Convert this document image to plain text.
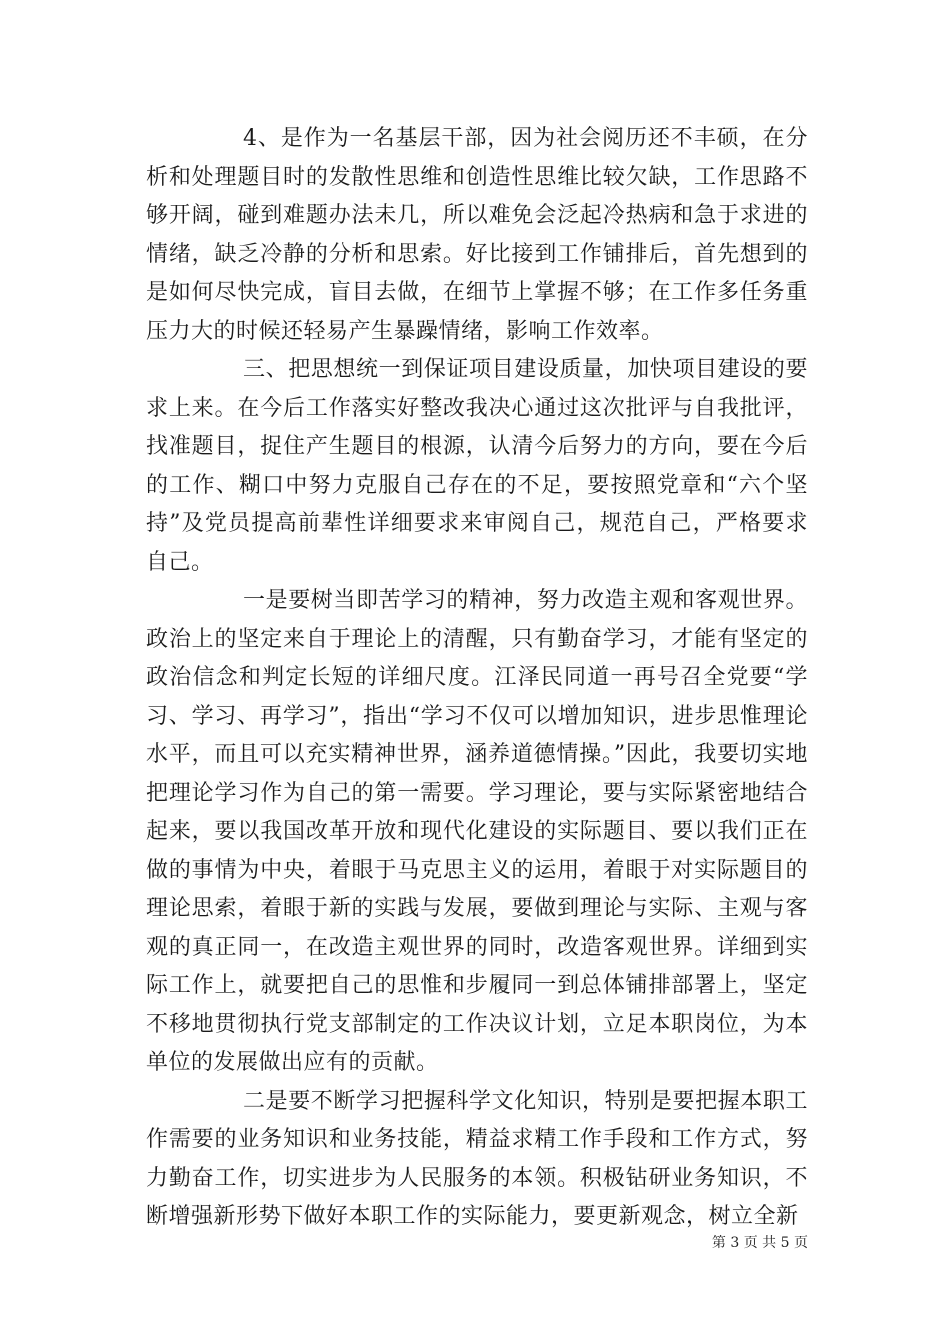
4、是作为一名基层干部，因为社会阅历还不丰硕，在分析和处理题目时的发散性思维和创造性思维比较欠缺，工作思路不够开阔，碰到难题办法未几，所以难免会泛起冷热病和急于求进的情绪，缺乏冷静的分析和思索。好比接到工作铺排后，首先想到的是如何尽快完成，盲目去做，在细节上掌握不够；在工作多任务重压力大的时候还轻易产生暴躁情绪，影响工作效率。

三、把思想统一到保证项目建设质量，加快项目建设的要求上来。在今后工作落实好整改我决心通过这次批评与自我批评，找准题目，捉住产生题目的根源，认清今后努力的方向，要在今后的工作、糊口中努力克服自己存在的不足，要按照党章和“六个坚持”及党员提高前辈性详细要求来审阅自己，规范自己，严格要求自己。

一是要树当即苦学习的精神，努力改造主观和客观世界。政治上的坚定来自于理论上的清醒，只有勤奋学习，才能有坚定的政治信念和判定长短的详细尺度。江泽民同道一再号召全党要“学习、学习、再学习”，指出“学习不仅可以增加知识，进步思惟理论水平，而且可以充实精神世界，涵养道德情操。”因此，我要切实地把理论学习作为自己的第一需要。学习理论，要与实际紧密地结合起来，要以我国改革开放和现代化建设的实际题目、要以我们正在做的事情为中央，着眼于马克思主义的运用，着眼于对实际题目的理论思索，着眼于新的实践与发展，要做到理论与实际、主观与客观的真正同一，在改造主观世界的同时，改造客观世界。详细到实际工作上，就要把自己的思惟和步履同一到总体铺排部署上，坚定不移地贯彻执行党支部制定的工作决议计划，立足本职岗位，为本单位的发展做出应有的贡献。

二是要不断学习把握科学文化知识，特别是要把握本职工作需要的业务知识和业务技能，精益求精工作手段和工作方式，努力勤奋工作，切实进步为人民服务的本领。积极钻研业务知识，不断增强新形势下做好本职工作的实际能力，要更新观念，树立全新

第 3 页 共 5 页
